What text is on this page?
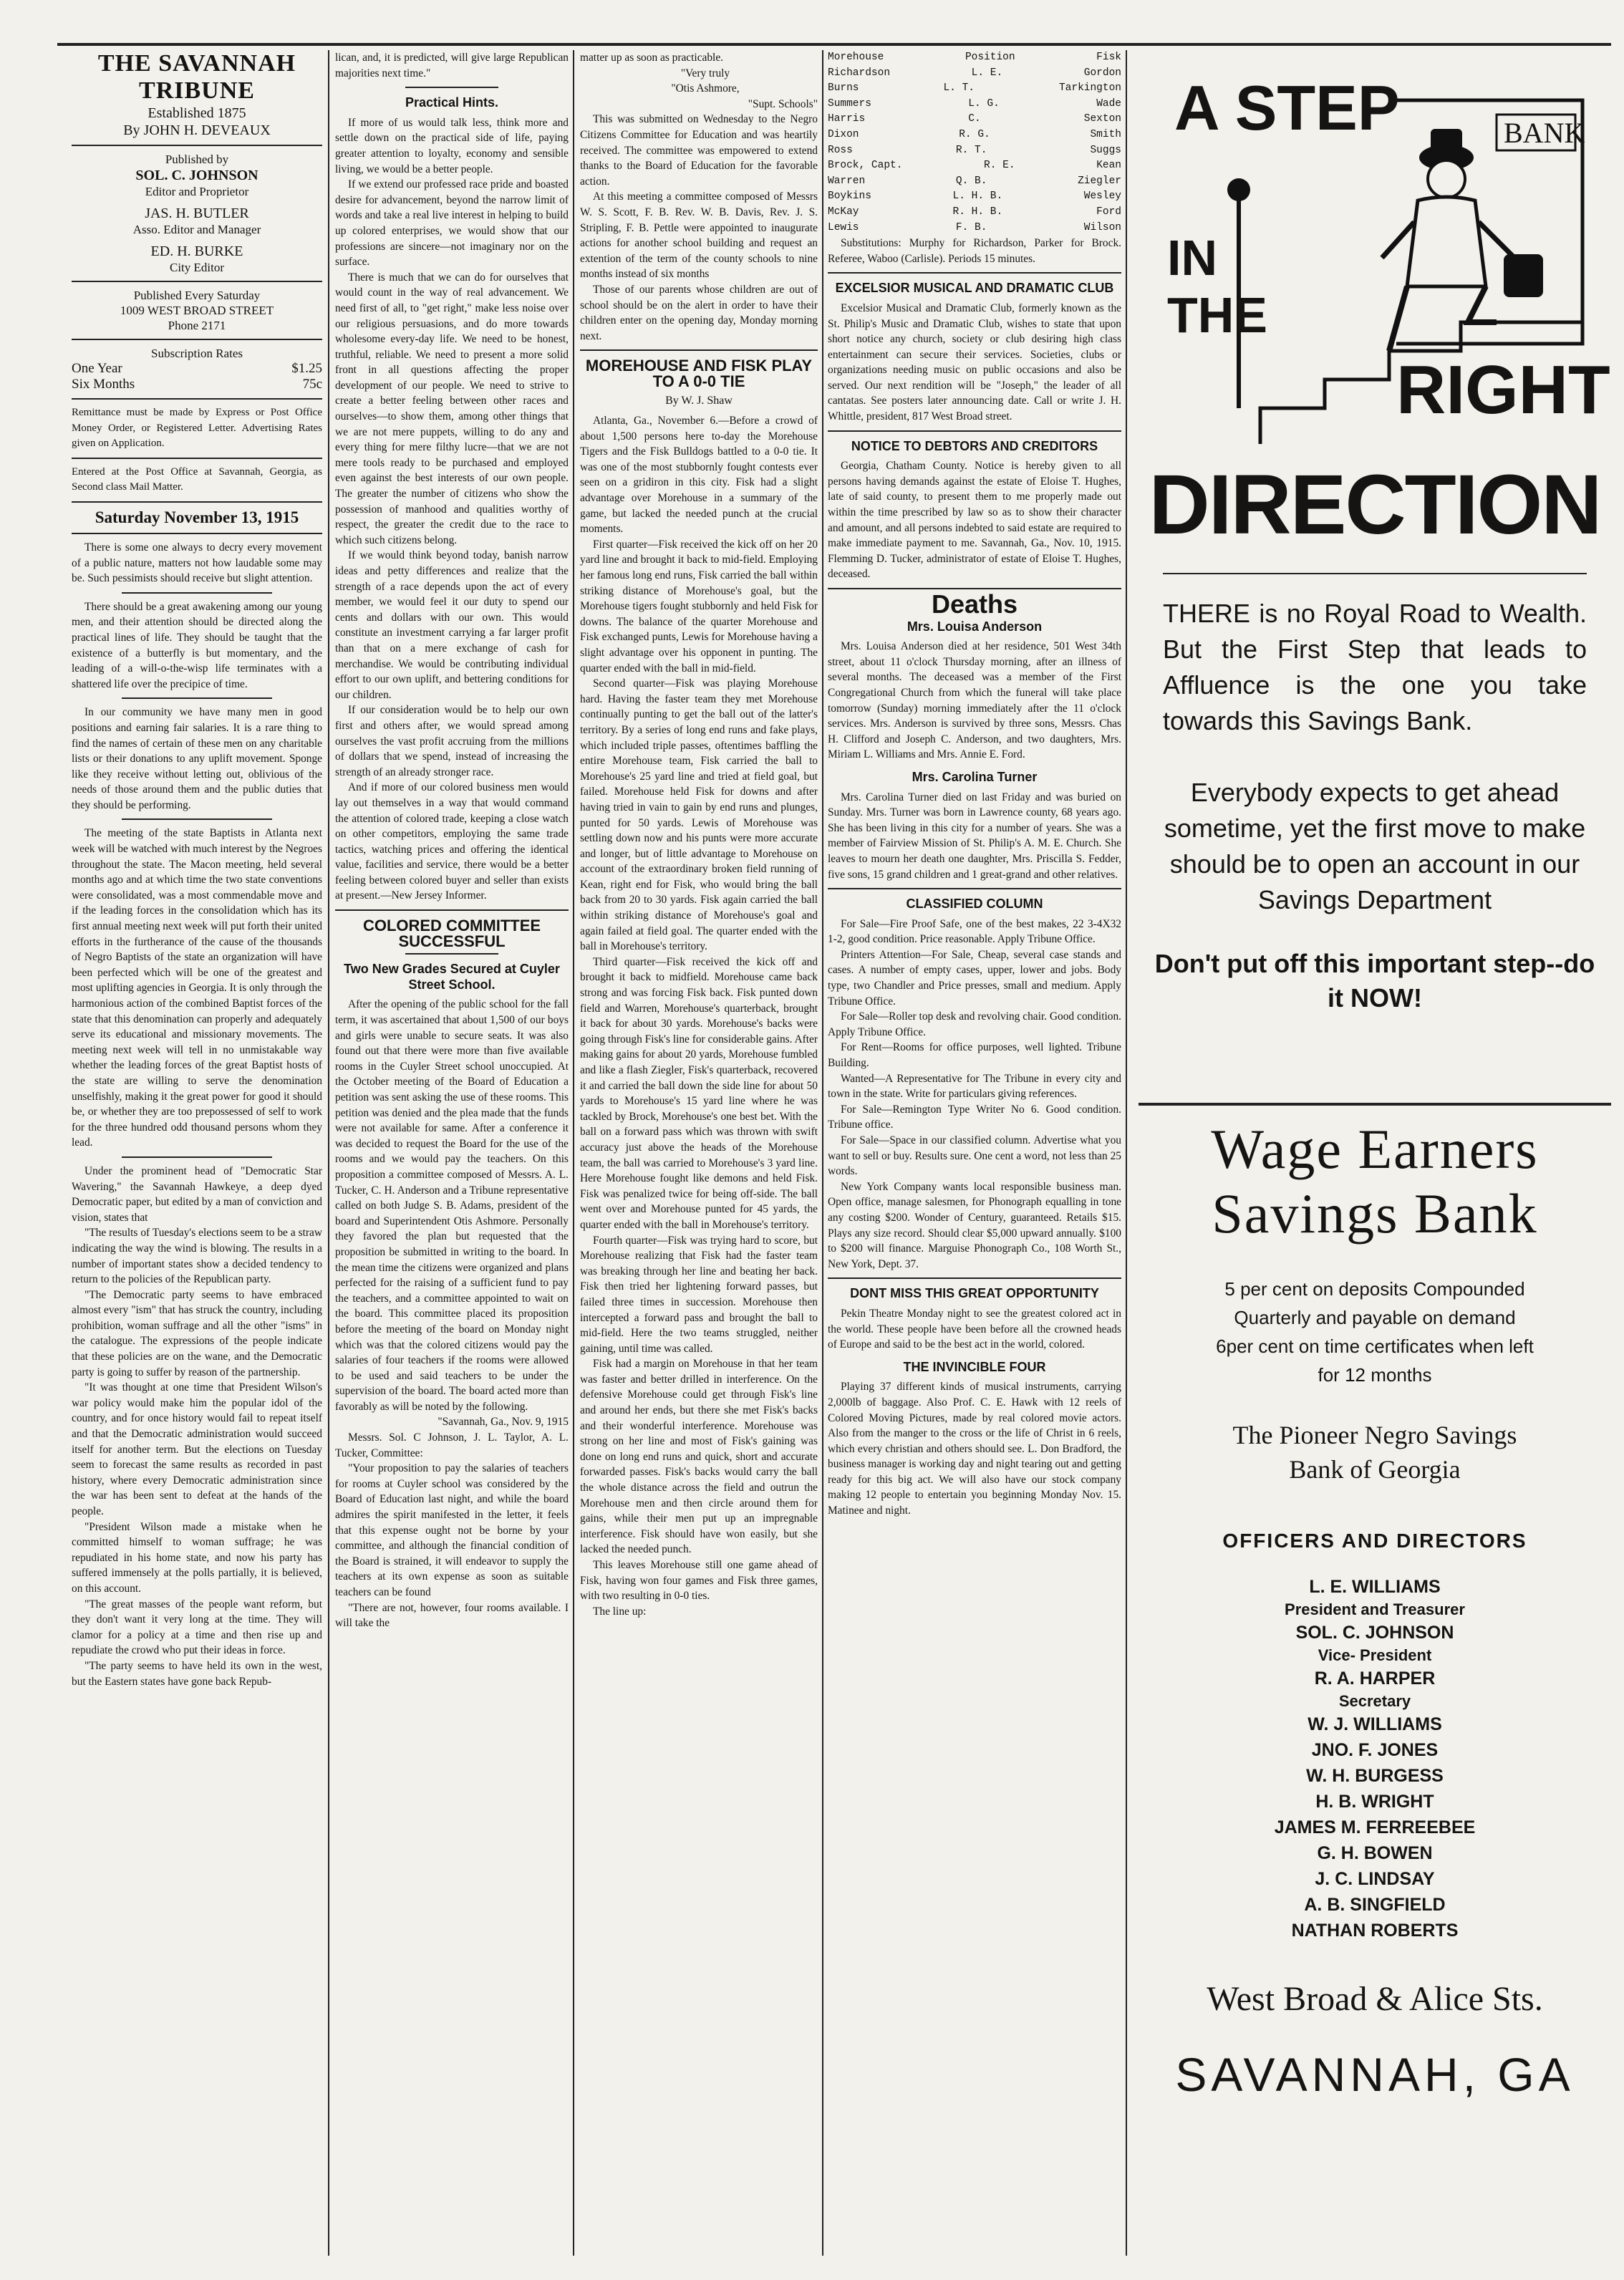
THE SAVANNAH TRIBUNE
Established 1875
By JOHN H. DEVEAUX
Published by
SOL. C. JOHNSON
Editor and Proprietor
JAS. H. BUTLER
Asso. Editor and Manager
ED. H. BURKE
City Editor
Published Every Saturday
1009 WEST BROAD STREET
Phone 2171
Subscription Rates
One Year	$1.25
Six Months	75c
Remittance must be made by Express or Post Office Money Order, or Registered Letter. Advertising Rates given on Application.
Entered at the Post Office at Savannah, Georgia, as Second class Mail Matter.
Saturday November 13, 1915

There is some one always to decry every movement of a public nature, matters not how laudable some may be. Such pessimists should receive but slight attention.

There should be a great awakening among our young men, and their attention should be directed along the practical lines of life. They should be taught that the existence of a butterfly is but momentary, and the leading of a will-o-the-wisp life terminates with a shattered life over the precipice of time.

In our community we have many men in good positions and earning fair salaries. It is a rare thing to find the names of certain of these men on any charitable lists or their donations to any uplift movement. Sponge like they receive without letting out, oblivious of the needs of those around them and the public duties that they should be performing.

The meeting of the state Baptists in Atlanta next week will be watched with much interest by the Negroes throughout the state. The Macon meeting, held several months ago and at which time the two state conventions were consolidated, was a most commendable move and if the leading forces in the consolidation which has its first annual meeting next week will put forth their united efforts in the furtherance of the cause of the thousands of Negro Baptists of the state an organization will have been perfected which will be one of the greatest and most uplifting agencies in Georgia. It is only through the harmonious action of the combined Baptist forces of the state that this denomination can properly and adequately serve its educational and missionary movements. The meeting next week will tell in no unmistakable way whether the leading forces of the great Baptist hosts of the state are willing to serve the denomination unselfishly, making it the great power for good it should be, or whether they are too prepossessed of self to work for the three hundred odd thousand persons whom they lead.

Under the prominent head of "Democratic Star Wavering," the Savannah Hawkeye, a deep dyed Democratic paper, but edited by a man of conviction and vision, states that

"The results of Tuesday's elections seem to be a straw indicating the way the wind is blowing. The results in a number of important states show a decided tendency to return to the policies of the Republican party.

"The Democratic party seems to have embraced almost every "ism" that has struck the country, including prohibition, woman suffrage and all the other "isms" in the catalogue. The expressions of the people indicate that these policies are on the wane, and the Democratic party is going to suffer by reason of the partnership.

"It was thought at one time that President Wilson's war policy would make him the popular idol of the country, and for once history would fail to repeat itself and that the Democratic administration would succeed itself for another term. But the elections on Tuesday seem to forecast the same results as recorded in past history, where every Democratic administration since the war has been sent to defeat at the hands of the people.

"President Wilson made a mistake when he committed himself to woman suffrage; he was repudiated in his home state, and now his party has suffered immensely at the polls partially, it is believed, on this account.

"The great masses of the people want reform, but they don't want it very long at the time. They will clamor for a policy at a time and then rise up and repudiate the crowd who put their ideas in force.

"The party seems to have held its own in the west, but the Eastern states have gone back Repub-

lican, and, it is predicted, will give large Republican majorities next time."

Practical Hints.

If more of us would talk less, think more and settle down on the practical side of life, paying greater attention to loyalty, economy and sensible living, we would be a better people.

If we extend our professed race pride and boasted desire for advancement, beyond the narrow limit of words and take a real live interest in helping to build up colored enterprises, we would show that our professions are sincere—not imaginary nor on the surface.

There is much that we can do for ourselves that would count in the way of real advancement. We need first of all, to "get right," make less noise over our religious persuasions, and do more towards wholesome every-day life. We need to be honest, truthful, reliable. We need to present a more solid front in all questions affecting the proper development of our people. We need to strive to create a better feeling between other races and ourselves—to show them, among other things that we are not mere puppets, willing to do any and every thing for mere filthy lucre—that we are not mere tools ready to be purchased and employed even against the best interests of our own people. The greater the number of citizens who show the possession of manhood and qualities worthy of respect, the greater the credit due to the race to which such citizens belong.

If we would think beyond today, banish narrow ideas and petty differences and realize that the strength of a race depends upon the act of every member, we would feel it our duty to spend our cents and dollars with our own. This would constitute an investment carrying a far larger profit than that on a mere exchange of cash for merchandise. We would be contributing individual effort to our own uplift, and bettering conditions for our children.

If our consideration would be to help our own first and others after, we would spread among ourselves the vast profit accruing from the millions of dollars that we spend, instead of increasing the strength of an already stronger race.

And if more of our colored business men would lay out themselves in a way that would command the attention of colored trade, keeping a close watch on other competitors, employing the same trade tactics, watching prices and offering the identical value, facilities and service, there would be a better feeling between colored buyer and seller than exists at present.—New Jersey Informer.

COLORED COMMITTEE SUCCESSFUL
Two New Grades Secured at Cuyler Street School.

After the opening of the public school for the fall term, it was ascertained that about 1,500 of our boys and girls were unable to secure seats. It was also found out that there were more than five available rooms in the Cuyler Street school unoccupied. At the October meeting of the Board of Education a petition was sent asking the use of these rooms. This petition was denied and the plea made that the funds were not available for same. After a conference it was decided to request the Board for the use of the rooms and we would pay the teachers. On this proposition a committee composed of Messrs. A. L. Tucker, C. H. Anderson and a Tribune representative called on both Judge S. B. Adams, president of the board and Superintendent Otis Ashmore. Personally they favored the plan but requested that the proposition be submitted in writing to the board. In the mean time the citizens were organized and plans perfected for the raising of a sufficient fund to pay the teachers, and a committee appointed to wait on the board. This committee placed its proposition before the meeting of the board on Monday night which was that the colored citizens would pay the salaries of four teachers if the rooms were allowed to be used and said teachers to be under the supervision of the board. The board acted more than favorably as will be noted by the following.

"Savannah, Ga., Nov. 9, 1915

Messrs. Sol. C Johnson, J. L. Taylor, A. L. Tucker, Committee:

"Your proposition to pay the salaries of teachers for rooms at Cuyler school was considered by the Board of Education last night, and while the board admires the spirit manifested in the letter, it feels that this expense ought not be borne by your committee, and although the financial condition of the Board is strained, it will endeavor to supply the teachers at its own expense as soon as suitable teachers can be found

"There are not, however, four rooms available. I will take the

matter up as soon as practicable.

"Very truly

"Otis Ashmore,

"Supt. Schools"

This was submitted on Wednesday to the Negro Citizens Committee for Education and was heartily received. The committee was empowered to extend thanks to the Board of Education for the favorable action.

At this meeting a committee composed of Messrs W. S. Scott, F. B. Rev. W. B. Davis, Rev. J. S. Stripling, F. B. Pettle were appointed to inaugurate actions for another school building and request an extention of the term of the county schools to nine months instead of six months

Those of our parents whose children are out of school should be on the alert in order to have their children enter on the opening day, Monday morning next.

MOREHOUSE AND FISK PLAY TO A 0-0 TIE
By W. J. Shaw

Atlanta, Ga., November 6.—Before a crowd of about 1,500 persons here to-day the Morehouse Tigers and the Fisk Bulldogs battled to a 0-0 tie. It was one of the most stubbornly fought contests ever seen on a gridiron in this city. Fisk had a slight advantage over Morehouse in a summary of the game, but lacked the needed punch at the crucial moments.

First quarter—Fisk received the kick off on her 20 yard line and brought it back to mid-field. Employing her famous long end runs, Fisk carried the ball within striking distance of Morehouse's goal, but the Morehouse tigers fought stubbornly and held Fisk for downs. The balance of the quarter Morehouse and Fisk exchanged punts, Lewis for Morehouse having a slight advantage over his opponent in punting. The quarter ended with the ball in mid-field.

Second quarter—Fisk was playing Morehouse hard. Having the faster team they met Morehouse continually punting to get the ball out of the latter's territory. By a series of long end runs and fake plays, which included triple passes, oftentimes baffling the entire Morehouse team, Fisk carried the ball to Morehouse's 25 yard line and tried at field goal, but failed. Morehouse held Fisk for downs and after having tried in vain to gain by end runs and plunges, punted for 50 yards. Lewis of Morehouse was settling down now and his punts were more accurate and longer, but of little advantage to Morehouse on account of the extraordinary broken field running of Kean, right end for Fisk, who would bring the ball back from 20 to 30 yards. Fisk again carried the ball within striking distance of Morehouse's goal and again failed at field goal. The quarter ended with the ball in Morehouse's territory.

Third quarter—Fisk received the kick off and brought it back to midfield. Morehouse came back strong and was forcing Fisk back. Fisk punted down field and Warren, Morehouse's quarterback, brought it back for about 30 yards. Morehouse's backs were going through Fisk's line for considerable gains. After making gains for about 20 yards, Morehouse fumbled and like a flash Ziegler, Fisk's quarterback, recovered it and carried the ball down the side line for about 50 yards to Morehouse's 15 yard line where he was tackled by Brock, Morehouse's one best bet. With the ball on a forward pass which was thrown with swift accuracy just above the heads of the Morehouse team, the ball was carried to Morehouse's 3 yard line. Here Morehouse fought like demons and held Fisk. Fisk was penalized twice for being off-side. The ball went over and Morehouse punted for 45 yards, the quarter ended with the ball in Morehouse's territory.

Fourth quarter—Fisk was trying hard to score, but Morehouse realizing that Fisk had the faster team was breaking through her line and beating her back. Fisk then tried her lightening forward passes, but failed three times in succession. Morehouse then intercepted a forward pass and brought the ball to mid-field. Here the two teams struggled, neither gaining, until time was called.

Fisk had a margin on Morehouse in that her team was faster and better drilled in interference. On the defensive Morehouse could get through Fisk's line and around her ends, but there she met Fisk's backs and their wonderful interference. Morehouse was strong on her line and most of Fisk's gaining was done on long end runs and quick, short and accurate forwarded passes. Fisk's backs would carry the ball the whole distance across the field and outrun the Morehouse men and then circle around them for gains, while their men put up an impregnable interference. Fisk should have won easily, but she lacked the needed punch.

This leaves Morehouse still one game ahead of Fisk, having won four games and Fisk three games, with two resulting in 0-0 ties.

The line up:

Morehouse	Position	Fisk
Richardson	L. E.	Gordon
Burns	L. T.	Tarkington
Summers	L. G.	Wade
Harris	C.	Sexton
Dixon	R. G.	Smith
Ross	R. T.	Suggs
Brock, Capt.	R. E.	Kean
Warren	Q. B.	Ziegler
Boykins	L. H. B.	Wesley
McKay	R. H. B.	Ford
Lewis	F. B.	Wilson

Substitutions: Murphy for Richardson, Parker for Brock. Referee, Waboo (Carlisle). Periods 15 minutes.

EXCELSIOR MUSICAL AND DRAMATIC CLUB

Excelsior Musical and Dramatic Club, formerly known as the St. Philip's Music and Dramatic Club, wishes to state that upon short notice any church, society or club desiring high class entertainment can secure their services. Societies, clubs or organizations needing music on public occasions and also be served. Our next rendition will be "Joseph," the leader of all cantatas. See posters later announcing date. Call or write J. H. Whittle, president, 817 West Broad street.

NOTICE TO DEBTORS AND CREDITORS

Georgia, Chatham County. Notice is hereby given to all persons having demands against the estate of Eloise T. Hughes, late of said county, to present them to me properly made out within the time prescribed by law so as to show their character and amount, and all persons indebted to said estate are required to make immediate payment to me. Savannah, Ga., Nov. 10, 1915. Flemming D. Tucker, administrator of estate of Eloise T. Hughes, deceased.

Deaths
Mrs. Louisa Anderson

Mrs. Louisa Anderson died at her residence, 501 West 34th street, about 11 o'clock Thursday morning, after an illness of several months. The deceased was a member of the First Congregational Church from which the funeral will take place tomorrow (Sunday) morning immediately after the 11 o'clock services. Mrs. Anderson is survived by three sons, Messrs. Chas H. Clifford and Joseph C. Anderson, and two daughters, Mrs. Miriam L. Williams and Mrs. Annie E. Ford.

Mrs. Carolina Turner

Mrs. Carolina Turner died on last Friday and was buried on Sunday. Mrs. Turner was born in Lawrence county, 68 years ago. She has been living in this city for a number of years. She was a member of Fairview Mission of St. Philip's A. M. E. Church. She leaves to mourn her death one daughter, Mrs. Priscilla S. Fedder, five sons, 15 grand children and 1 great-grand and other relatives.

CLASSIFIED COLUMN

For Sale—Fire Proof Safe, one of the best makes, 22 3-4X32 1-2, good condition. Price reasonable. Apply Tribune Office.

Printers Attention—For Sale, Cheap, several case stands and cases. A number of empty cases, upper, lower and jobs. Body type, two Chandler and Price presses, small and medium. Apply Tribune Office.

For Sale—Roller top desk and revolving chair. Good condition. Apply Tribune Office.

For Rent—Rooms for office purposes, well lighted. Tribune Building.

Wanted—A Representative for The Tribune in every city and town in the state. Write for particulars giving references.

For Sale—Remington Type Writer No 6. Good condition. Tribune office.

For Sale—Space in our classified column. Advertise what you want to sell or buy. Results sure. One cent a word, not less than 25 words.

New York Company wants local responsible business man. Open office, manage salesmen, for Phonograph equalling in tone any costing $200. Wonder of Century, guaranteed. Retails $15. Plays any size record. Should clear $5,000 upward annually. $100 to $200 will finance. Marguise Phonograph Co., 108 Worth St., New York, Dept. 37.

DONT MISS THIS GREAT OPPORTUNITY

Pekin Theatre Monday night to see the greatest colored act in the world. These people have been before all the crowned heads of Europe and said to be the best act in the world, colored.

THE INVINCIBLE FOUR

Playing 37 different kinds of musical instruments, carrying 2,000lb of baggage. Also Prof. C. E. Hawk with 12 reels of Colored Moving Pictures, made by real colored movie actors. Also from the manger to the cross or the life of Christ in 6 reels, which every christian and others should see. L. Don Bradford, the business manager is working day and night tearing out and getting ready for this big act. We will also have our stock company making 12 people to entertain you beginning Monday Nov. 15. Matinee and night.

A STEP	BANK
IN THE
RIGHT
DIRECTION
THERE is no Royal Road to Wealth. But the First Step that leads to Affluence is the one you take towards this Savings Bank.
Everybody expects to get ahead sometime, yet the first move to make should be to open an account in our Savings Department
Don't put off this important step--do it NOW!
Wage Earners
Savings Bank
5 per cent on deposits Compounded
Quarterly and payable on demand
6per cent on time certificates when left
for 12 months
The Pioneer Negro Savings
Bank of Georgia
OFFICERS AND DIRECTORS
L. E. WILLIAMS
President and Treasurer
SOL. C. JOHNSON
Vice- President
R. A. HARPER
Secretary
W. J. WILLIAMS
JNO. F. JONES
W. H. BURGESS
H. B. WRIGHT
JAMES M. FERREEBEE
G. H. BOWEN
J. C. LINDSAY
A. B. SINGFIELD
NATHAN ROBERTS
West Broad & Alice Sts.
SAVANNAH, GA
